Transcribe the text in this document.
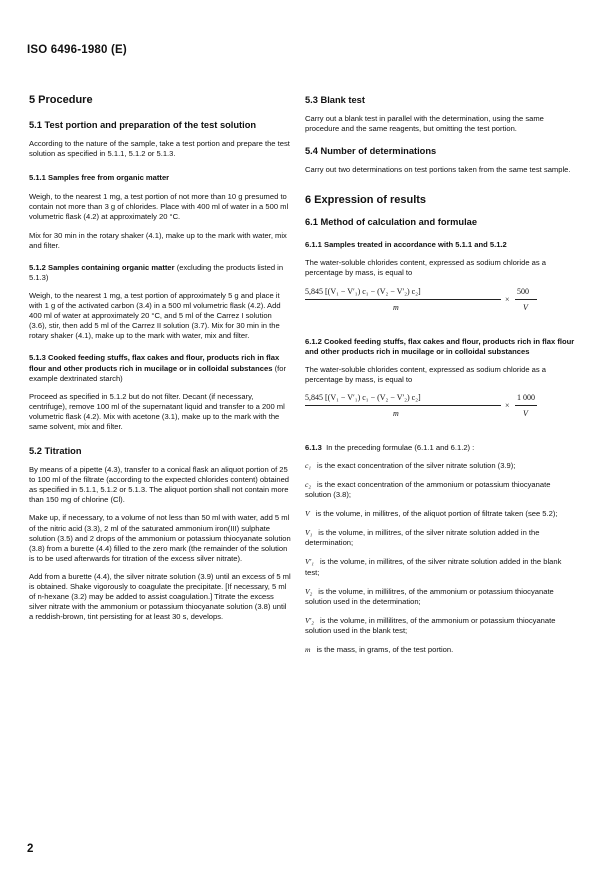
ISO 6496-1980 (E)
5 Procedure
5.1 Test portion and preparation of the test solution

According to the nature of the sample, take a test portion and prepare the test solution as specified in 5.1.1, 5.1.2 or 5.1.3.

5.1.1 Samples free from organic matter

Weigh, to the nearest 1 mg, a test portion of not more than 10 g presumed to contain not more than 3 g of chlorides. Place with 400 ml of water in a 500 ml volumetric flask (4.2) at approximately 20 °C.

Mix for 30 min in the rotary shaker (4.1), make up to the mark with water, mix and filter.

5.1.2 Samples containing organic matter (excluding the products listed in 5.1.3)

Weigh, to the nearest 1 mg, a test portion of approximately 5 g and place it with 1 g of the activated carbon (3.4) in a 500 ml volumetric flask (4.2). Add 400 ml of water at approximately 20 °C, and 5 ml of the Carrez I solution (3.6), stir, then add 5 ml of the Carrez II solution (3.7). Mix for 30 min in the rotary shaker (4.1), make up to the mark with water, mix and filter.

5.1.3 Cooked feeding stuffs, flax cakes and flour, products rich in flax flour and other products rich in mucilage or in colloidal substances (for example dextrinated starch)

Proceed as specified in 5.1.2 but do not filter. Decant (if necessary, centrifuge), remove 100 ml of the supernatant liquid and transfer to a 200 ml volumetric flask (4.2). Mix with acetone (3.1), make up to the mark with the same solvent, mix and filter.

5.2 Titration

By means of a pipette (4.3), transfer to a conical flask an aliquot portion of 25 to 100 ml of the filtrate (according to the expected chlorides content) obtained as specified in 5.1.1, 5.1.2 or 5.1.3. The aliquot portion shall not contain more than 150 mg of chlorine (Cl).

Make up, if necessary, to a volume of not less than 50 ml with water, add 5 ml of the nitric acid (3.3), 2 ml of the saturated ammonium iron(III) sulphate solution (3.5) and 2 drops of the ammonium or potassium thiocyanate solution (3.8) from a burette (4.4) filled to the zero mark (the remainder of the solution is to be used afterwards for titration of the excess silver nitrate).

Add from a burette (4.4), the silver nitrate solution (3.9) until an excess of 5 ml is obtained. Shake vigorously to coagulate the precipitate. [If necessary, 5 ml of n-hexane (3.2) may be added to assist coagulation.] Titrate the excess silver nitrate with the ammonium or potassium thiocyanate solution (3.8) until a reddish-brown, tint persisting for at least 30 s, develops.

5.3 Blank test

Carry out a blank test in parallel with the determination, using the same procedure and the same reagents, but omitting the test portion.

5.4 Number of determinations

Carry out two determinations on test portions taken from the same test sample.

6 Expression of results
6.1 Method of calculation and formulae
6.1.1 Samples treated in accordance with 5.1.1 and 5.1.2

The water-soluble chlorides content, expressed as sodium chloride as a percentage by mass, is equal to

5,845 [(V₁ − V′₁) c₁ − (V₂ − V′₂) c₂]
m
×
500
V
6.1.2 Cooked feeding stuffs, flax cakes and flour, products rich in flax flour and other products rich in mucilage or in colloidal substances

The water-soluble chlorides content, expressed as sodium chloride as a percentage by mass, is equal to

5,845 [(V₁ − V′₁) c₁ − (V₂ − V′₂) c₂]
m
×
1 000
V

6.1.3 In the preceding formulae (6.1.1 and 6.1.2) :

c₁ is the exact concentration of the silver nitrate solution (3.9);

c₂ is the exact concentration of the ammonium or potassium thiocyanate solution (3.8);

V is the volume, in millitres, of the aliquot portion of filtrate taken (see 5.2);

V₁ is the volume, in millitres, of the silver nitrate solution added in the determination;

V′₁ is the volume, in millitres, of the silver nitrate solution added in the blank test;

V₂ is the volume, in millilitres, of the ammonium or potassium thiocyanate solution used in the determination;

V′₂ is the volume, in millilitres, of the ammonium or potassium thiocyanate solution used in the blank test;

m is the mass, in grams, of the test portion.

2
